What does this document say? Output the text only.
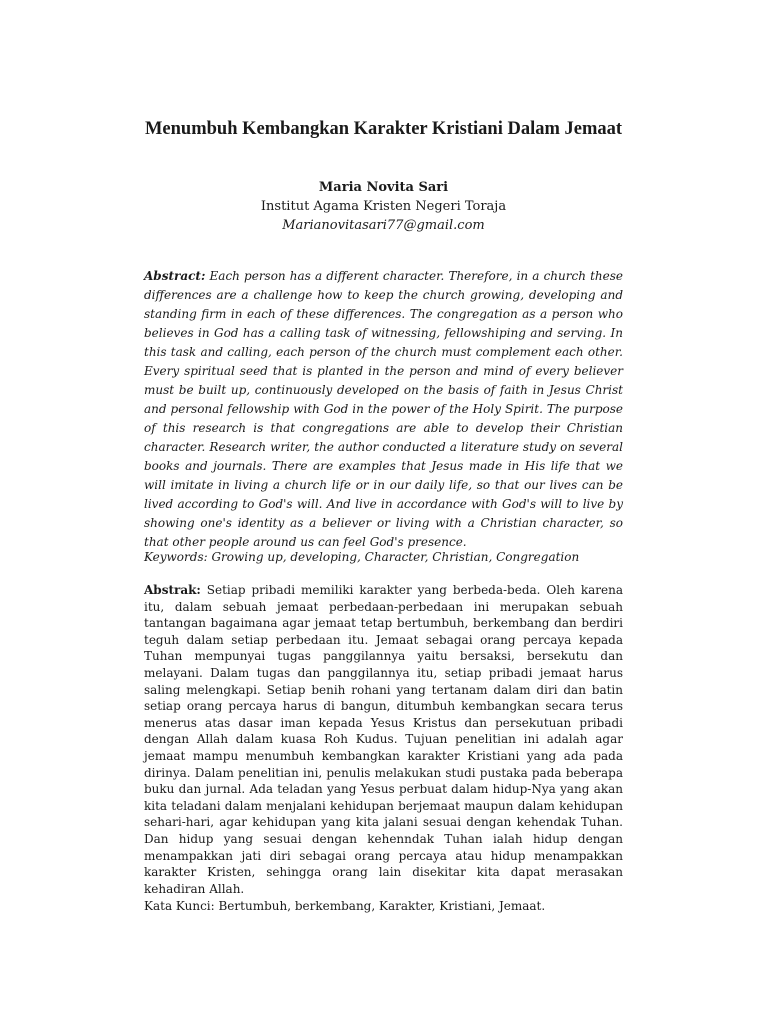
Menumbuh Kembangkan Karakter Kristiani Dalam Jemaat
Maria Novita Sari
Institut Agama Kristen Negeri Toraja
Marianovitasari77@gmail.com

Abstract: Each person has a different character. Therefore, in a church these differences are a challenge how to keep the church growing, developing and standing firm in each of these differences. The congregation as a person who believes in God has a calling task of witnessing, fellowshiping and serving. In this task and calling, each person of the church must complement each other. Every spiritual seed that is planted in the person and mind of every believer must be built up, continuously developed on the basis of faith in Jesus Christ and personal fellowship with God in the power of the Holy Spirit. The purpose of this research is that congregations are able to develop their Christian character. Research writer, the author conducted a literature study on several books and journals. There are examples that Jesus made in His life that we will imitate in living a church life or in our daily life, so that our lives can be lived according to God's will. And live in accordance with God's will to live by showing one's identity as a believer or living with a Christian character, so that other people around us can feel God's presence.

Keywords: Growing up, developing, Character, Christian, Congregation

Abstrak: Setiap pribadi memiliki karakter yang berbeda-beda. Oleh karena itu, dalam sebuah jemaat perbedaan-perbedaan ini merupakan sebuah tantangan bagaimana agar jemaat tetap bertumbuh, berkembang dan berdiri teguh dalam setiap perbedaan itu. Jemaat sebagai orang percaya kepada Tuhan mempunyai tugas panggilannya yaitu bersaksi, bersekutu dan melayani. Dalam tugas dan panggilannya itu, setiap pribadi jemaat harus saling melengkapi. Setiap benih rohani yang tertanam dalam diri dan batin setiap orang percaya harus di bangun, ditumbuh kembangkan secara terus menerus atas dasar iman kepada Yesus Kristus dan persekutuan pribadi dengan Allah dalam kuasa Roh Kudus. Tujuan penelitian ini adalah agar jemaat mampu menumbuh kembangkan karakter Kristiani yang ada pada dirinya. Dalam penelitian ini, penulis melakukan studi pustaka pada beberapa buku dan jurnal. Ada teladan yang Yesus perbuat dalam hidup-Nya yang akan kita teladani dalam menjalani kehidupan berjemaat maupun dalam kehidupan sehari-hari, agar kehidupan yang kita jalani sesuai dengan kehendak Tuhan. Dan hidup yang sesuai dengan kehenndak Tuhan ialah hidup dengan menampakkan jati diri sebagai orang percaya atau hidup menampakkan karakter Kristen, sehingga orang lain disekitar kita dapat merasakan kehadiran Allah.

Kata Kunci: Bertumbuh, berkembang, Karakter, Kristiani, Jemaat.
